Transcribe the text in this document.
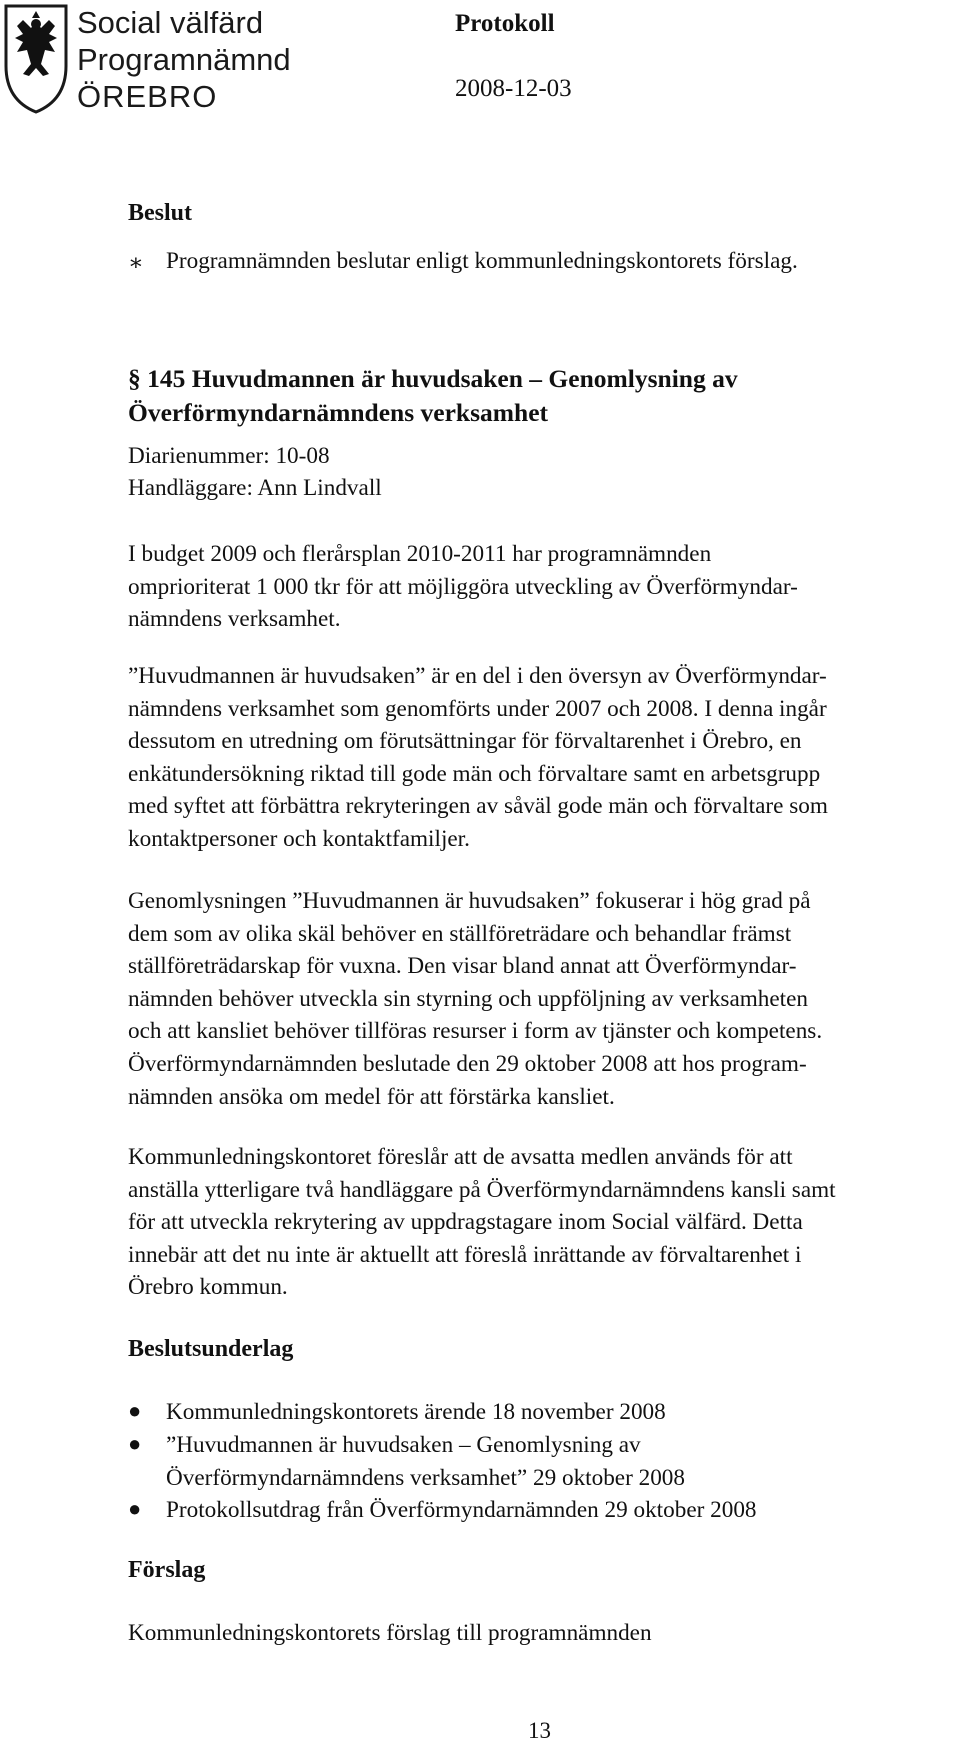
Social välfärd
Programnämnd
ÖREBRO
Protokoll
2008-12-03
Beslut
∗ Programnämnden beslutar enligt kommunledningskontorets förslag.
§ 145 Huvudmannen är huvudsaken – Genomlysning av
Överförmyndarnämndens verksamhet
Diarienummer: 10-08
Handläggare: Ann Lindvall

I budget 2009 och flerårsplan 2010-2011 har programnämnden

omprioriterat 1 000 tkr för att möjliggöra utveckling av Överförmyndar-

nämndens verksamhet.

”Huvudmannen är huvudsaken” är en del i den översyn av Överförmyndar-

nämndens verksamhet som genomförts under 2007 och 2008. I denna ingår

dessutom en utredning om förutsättningar för förvaltarenhet i Örebro, en

enkätundersökning riktad till gode män och förvaltare samt en arbetsgrupp

med syftet att förbättra rekryteringen av såväl gode män och förvaltare som

kontaktpersoner och kontaktfamiljer.

Genomlysningen ”Huvudmannen är huvudsaken” fokuserar i hög grad på

dem som av olika skäl behöver en ställföreträdare och behandlar främst

ställföreträdarskap för vuxna. Den visar bland annat att Överförmyndar-

nämnden behöver utveckla sin styrning och uppföljning av verksamheten

och att kansliet behöver tillföras resurser i form av tjänster och kompetens.

Överförmyndarnämnden beslutade den 29 oktober 2008 att hos program-

nämnden ansöka om medel för att förstärka kansliet.

Kommunledningskontoret föreslår att de avsatta medlen används för att

anställa ytterligare två handläggare på Överförmyndarnämndens kansli samt

för att utveckla rekrytering av uppdragstagare inom Social välfärd. Detta

innebär att det nu inte är aktuellt att föreslå inrättande av förvaltarenhet i

Örebro kommun.

Beslutsunderlag
● Kommunledningskontorets ärende 18 november 2008
● ”Huvudmannen är huvudsaken – Genomlysning av

Överförmyndarnämndens verksamhet” 29 oktober 2008

● Protokollsutdrag från Överförmyndarnämnden 29 oktober 2008
Förslag
Kommunledningskontorets förslag till programnämnden
13
